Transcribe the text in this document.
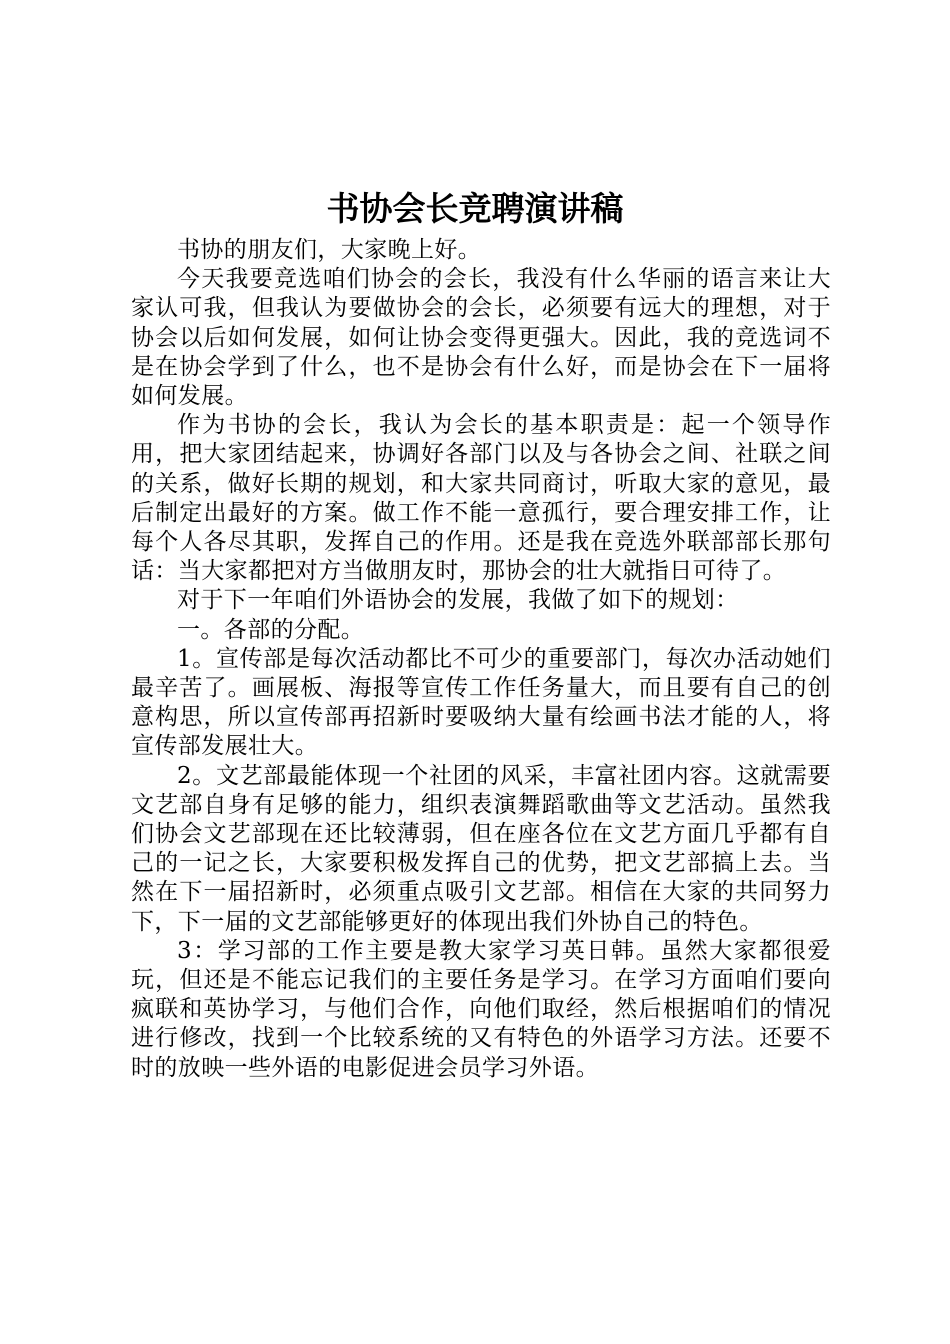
书协会长竞聘演讲稿

书协的朋友们，大家晚上好。

今天我要竞选咱们协会的会长，我没有什么华丽的语言来让大家认可我，但我认为要做协会的会长，必须要有远大的理想，对于协会以后如何发展，如何让协会变得更强大。因此，我的竞选词不是在协会学到了什么，也不是协会有什么好，而是协会在下一届将如何发展。

作为书协的会长，我认为会长的基本职责是：起一个领导作用，把大家团结起来，协调好各部门以及与各协会之间、社联之间的关系，做好长期的规划，和大家共同商讨，听取大家的意见，最后制定出最好的方案。做工作不能一意孤行，要合理安排工作，让每个人各尽其职，发挥自己的作用。还是我在竞选外联部部长那句话：当大家都把对方当做朋友时，那协会的壮大就指日可待了。

对于下一年咱们外语协会的发展，我做了如下的规划：

一。各部的分配。

1。宣传部是每次活动都比不可少的重要部门，每次办活动她们最辛苦了。画展板、海报等宣传工作任务量大，而且要有自己的创意构思，所以宣传部再招新时要吸纳大量有绘画书法才能的人，将宣传部发展壮大。

2。文艺部最能体现一个社团的风采，丰富社团内容。这就需要文艺部自身有足够的能力，组织表演舞蹈歌曲等文艺活动。虽然我们协会文艺部现在还比较薄弱，但在座各位在文艺方面几乎都有自己的一记之长，大家要积极发挥自己的优势，把文艺部搞上去。当然在下一届招新时，必须重点吸引文艺部。相信在大家的共同努力下，下一届的文艺部能够更好的体现出我们外协自己的特色。

3：学习部的工作主要是教大家学习英日韩。虽然大家都很爱玩，但还是不能忘记我们的主要任务是学习。在学习方面咱们要向疯联和英协学习，与他们合作，向他们取经，然后根据咱们的情况进行修改，找到一个比较系统的又有特色的外语学习方法。还要不时的放映一些外语的电影促进会员学习外语。
